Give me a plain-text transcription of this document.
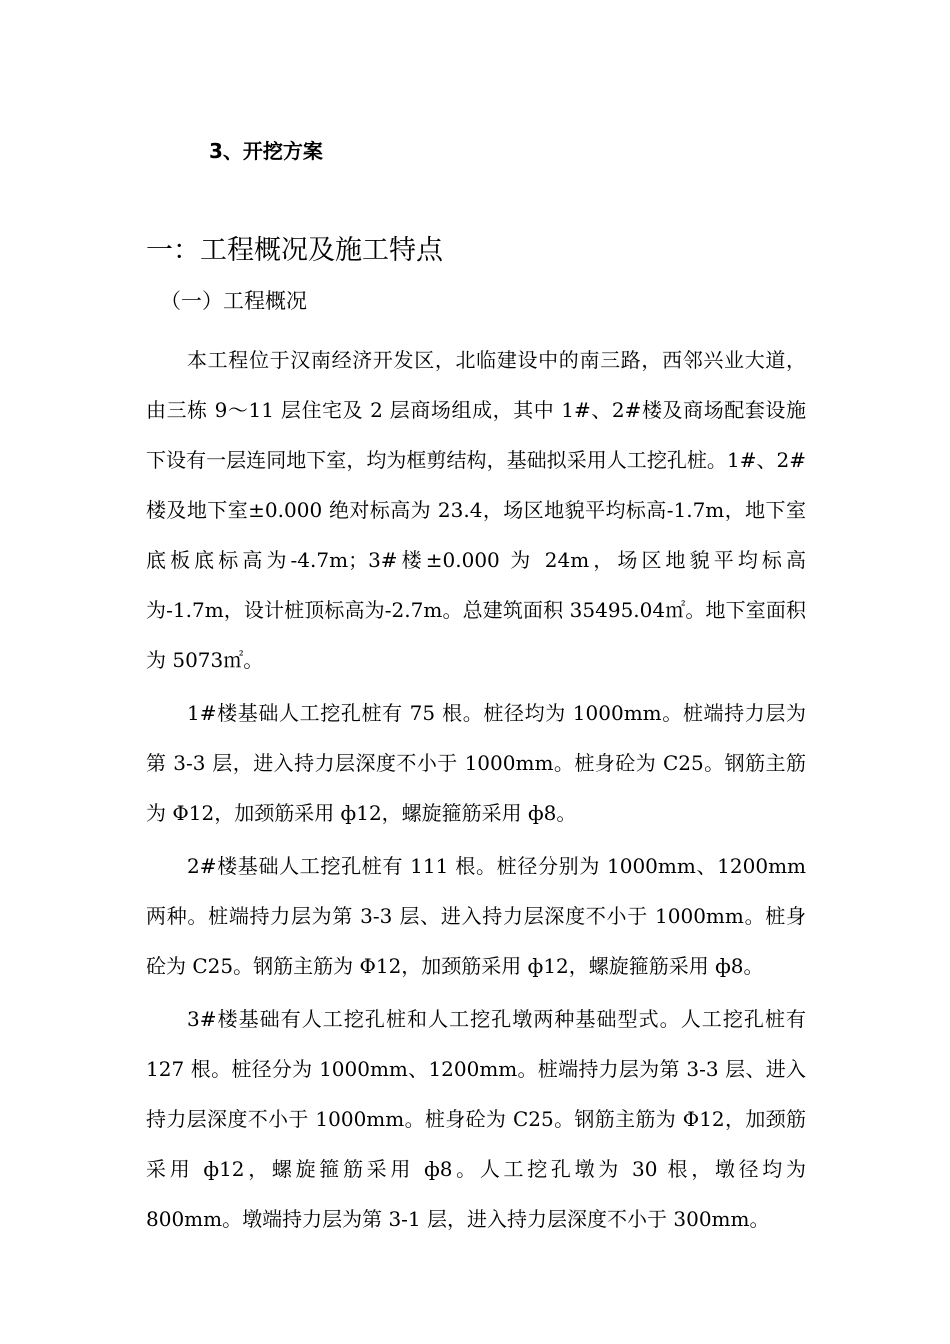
3、开挖方案
一：工程概况及施工特点
（一）工程概况

本工程位于汉南经济开发区，北临建设中的南三路，西邻兴业大道，由三栋 9～11 层住宅及 2 层商场组成，其中 1#、2#楼及商场配套设施下设有一层连同地下室，均为框剪结构，基础拟采用人工挖孔桩。1#、2#楼及地下室±0.000 绝对标高为 23.4，场区地貌平均标高-1.7m，地下室底板底标高为-4.7m；3#楼±0.000 为 24m，场区地貌平均标高为-1.7m，设计桩顶标高为-2.7m。总建筑面积 35495.04㎡。地下室面积为 5073㎡。

1#楼基础人工挖孔桩有 75 根。桩径均为 1000mm。桩端持力层为第 3-3 层，进入持力层深度不小于 1000mm。桩身砼为 C25。钢筋主筋为 Φ12，加颈筋采用 ф12，螺旋箍筋采用 ф8。

2#楼基础人工挖孔桩有 111 根。桩径分别为 1000mm、1200mm 两种。桩端持力层为第 3-3 层、进入持力层深度不小于 1000mm。桩身砼为 C25。钢筋主筋为 Φ12，加颈筋采用 ф12，螺旋箍筋采用 ф8。

3#楼基础有人工挖孔桩和人工挖孔墩两种基础型式。人工挖孔桩有 127 根。桩径分为 1000mm、1200mm。桩端持力层为第 3-3 层、进入持力层深度不小于 1000mm。桩身砼为 C25。钢筋主筋为 Φ12，加颈筋采用 ф12，螺旋箍筋采用 ф8。人工挖孔墩为 30 根，墩径均为 800mm。墩端持力层为第 3-1 层，进入持力层深度不小于 300mm。
